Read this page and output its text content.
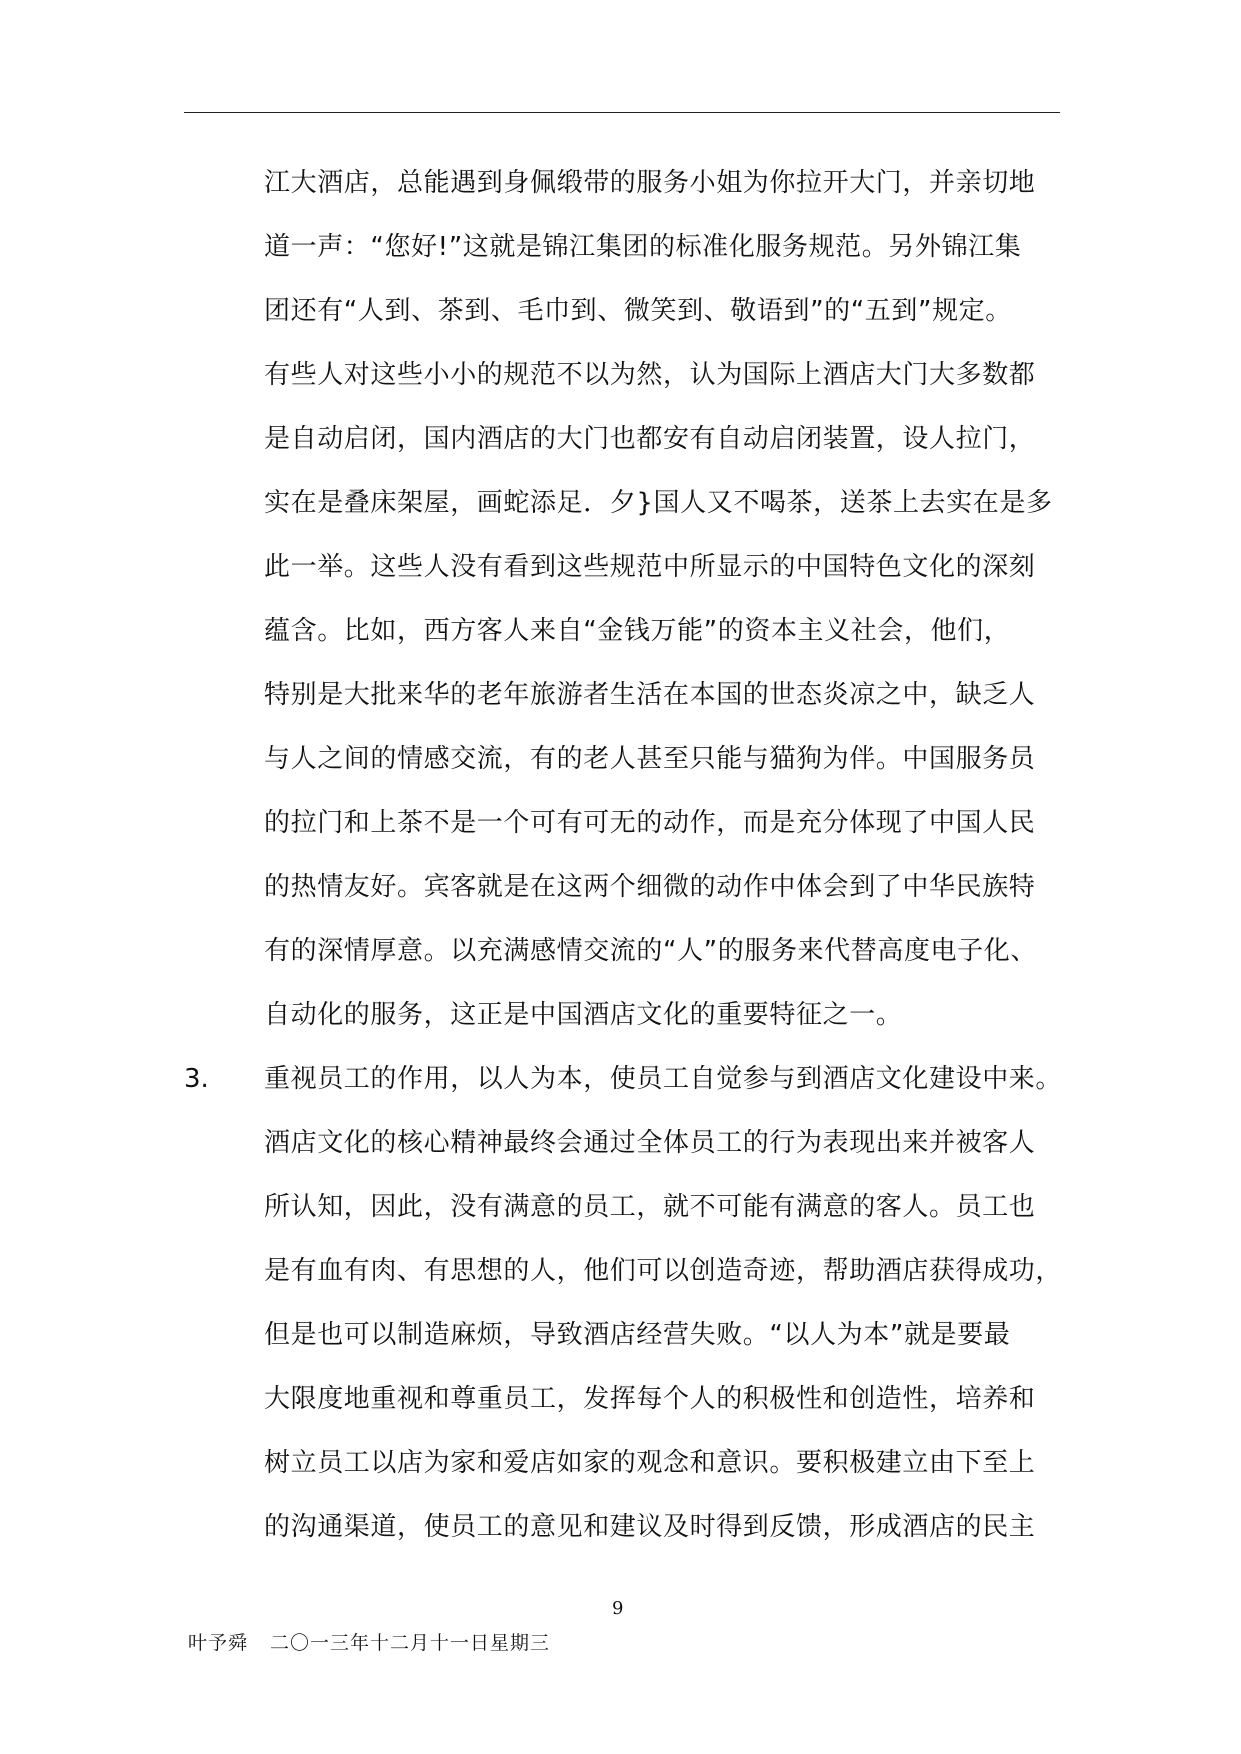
江大酒店，总能遇到身佩缎带的服务小姐为你拉开大门，并亲切地
道一声：“您好!”这就是锦江集团的标准化服务规范。另外锦江集
团还有“人到、茶到、毛巾到、微笑到、敬语到”的“五到”规定。
有些人对这些小小的规范不以为然，认为国际上酒店大门大多数都
是自动启闭，国内酒店的大门也都安有自动启闭装置，设人拉门，
实在是叠床架屋，画蛇添足．夕}国人又不喝茶，送茶上去实在是多
此一举。这些人没有看到这些规范中所显示的中国特色文化的深刻
蕴含。比如，西方客人来自“金钱万能”的资本主义社会，他们，
特别是大批来华的老年旅游者生活在本国的世态炎凉之中，缺乏人
与人之间的情感交流，有的老人甚至只能与猫狗为伴。中国服务员
的拉门和上茶不是一个可有可无的动作，而是充分体现了中国人民
的热情友好。宾客就是在这两个细微的动作中体会到了中华民族特
有的深情厚意。以充满感情交流的“人”的服务来代替高度电子化、
自动化的服务，这正是中国酒店文化的重要特征之一。
3. 重视员工的作用，以人为本，使员工自觉参与到酒店文化建设中来。
酒店文化的核心精神最终会通过全体员工的行为表现出来并被客人
所认知，因此，没有满意的员工，就不可能有满意的客人。员工也
是有血有肉、有思想的人，他们可以创造奇迹，帮助酒店获得成功，
但是也可以制造麻烦，导致酒店经营失败。“以人为本”就是要最
大限度地重视和尊重员工，发挥每个人的积极性和创造性，培养和
树立员工以店为家和爱店如家的观念和意识。要积极建立由下至上
的沟通渠道，使员工的意见和建议及时得到反馈，形成酒店的民主
9
叶予舜 二〇一三年十二月十一日星期三
